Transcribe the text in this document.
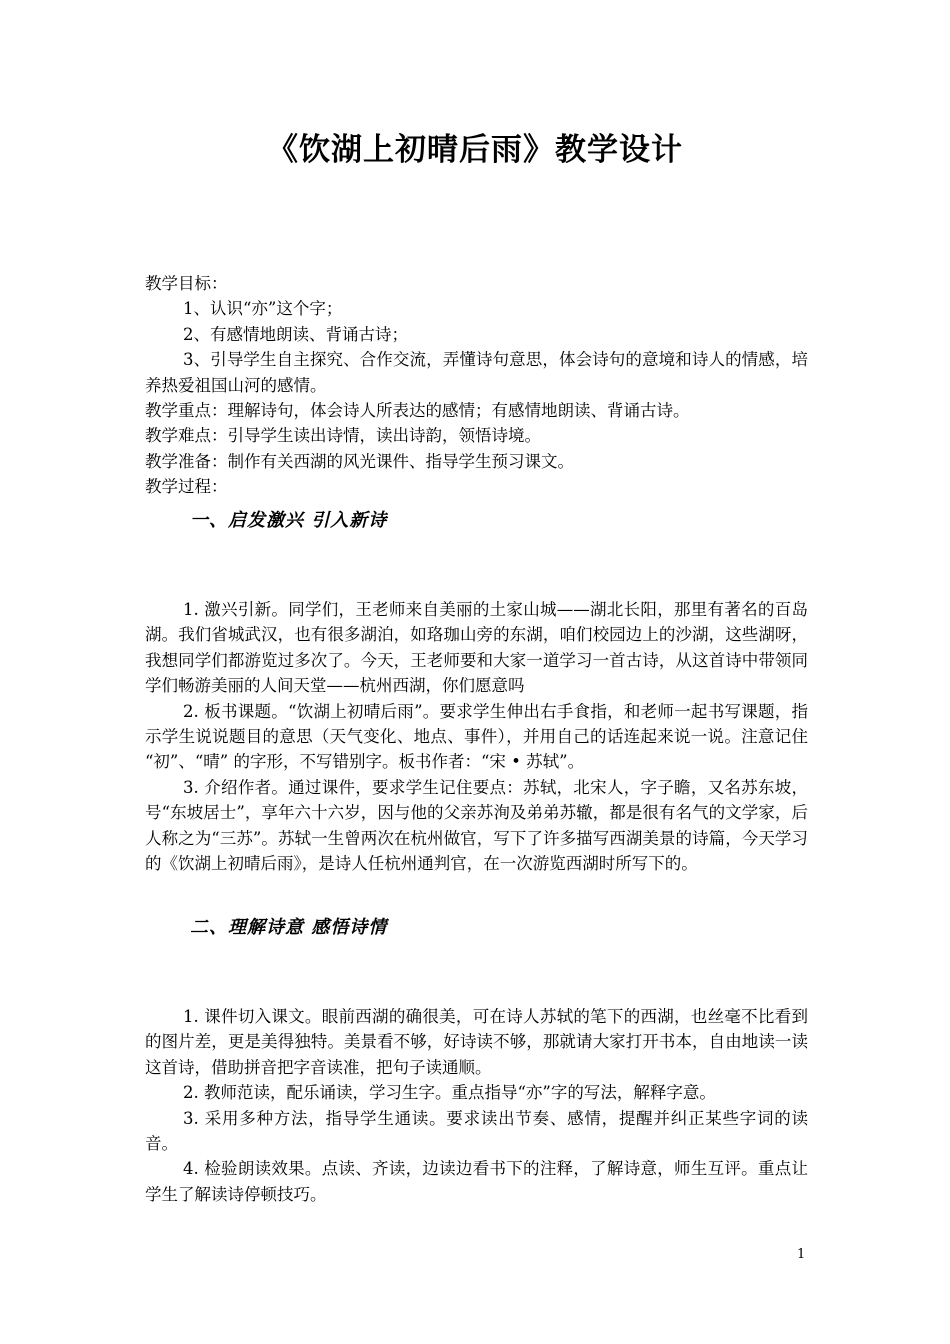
《饮湖上初晴后雨》教学设计

教学目标：

1、认识“亦”这个字；

2、有感情地朗读、背诵古诗；

3、引导学生自主探究、合作交流，弄懂诗句意思，体会诗句的意境和诗人的情感，培养热爱祖国山河的感情。

教学重点：理解诗句，体会诗人所表达的感情；有感情地朗读、背诵古诗。

教学难点：引导学生读出诗情，读出诗韵，领悟诗境。

教学准备：制作有关西湖的风光课件、指导学生预习课文。

教学过程：

一、启发激兴 引入新诗

1. 激兴引新。同学们，王老师来自美丽的土家山城——湖北长阳，那里有著名的百岛湖。我们省城武汉，也有很多湖泊，如珞珈山旁的东湖，咱们校园边上的沙湖，这些湖呀，我想同学们都游览过多次了。今天，王老师要和大家一道学习一首古诗，从这首诗中带领同学们畅游美丽的人间天堂——杭州西湖，你们愿意吗

2. 板书课题。“饮湖上初晴后雨”。要求学生伸出右手食指，和老师一起书写课题，指示学生说说题目的意思（天气变化、地点、事件），并用自己的话连起来说一说。注意记住 “初”、“晴” 的字形，不写错别字。板书作者：“宋 • 苏轼”。

3. 介绍作者。通过课件，要求学生记住要点：苏轼，北宋人，字子瞻，又名苏东坡，号“东坡居士”，享年六十六岁，因与他的父亲苏洵及弟弟苏辙，都是很有名气的文学家，后人称之为“三苏”。苏轼一生曾两次在杭州做官，写下了许多描写西湖美景的诗篇，今天学习的《饮湖上初晴后雨》，是诗人任杭州通判官，在一次游览西湖时所写下的。

二、理解诗意 感悟诗情

1. 课件切入课文。眼前西湖的确很美，可在诗人苏轼的笔下的西湖，也丝毫不比看到的图片差，更是美得独特。美景看不够，好诗读不够，那就请大家打开书本，自由地读一读这首诗，借助拼音把字音读准，把句子读通顺。

2. 教师范读，配乐诵读，学习生字。重点指导“亦”字的写法，解释字意。

3. 采用多种方法，指导学生通读。要求读出节奏、感情，提醒并纠正某些字词的读音。

4. 检验朗读效果。点读、齐读，边读边看书下的注释，了解诗意，师生互评。重点让学生了解读诗停顿技巧。

1
